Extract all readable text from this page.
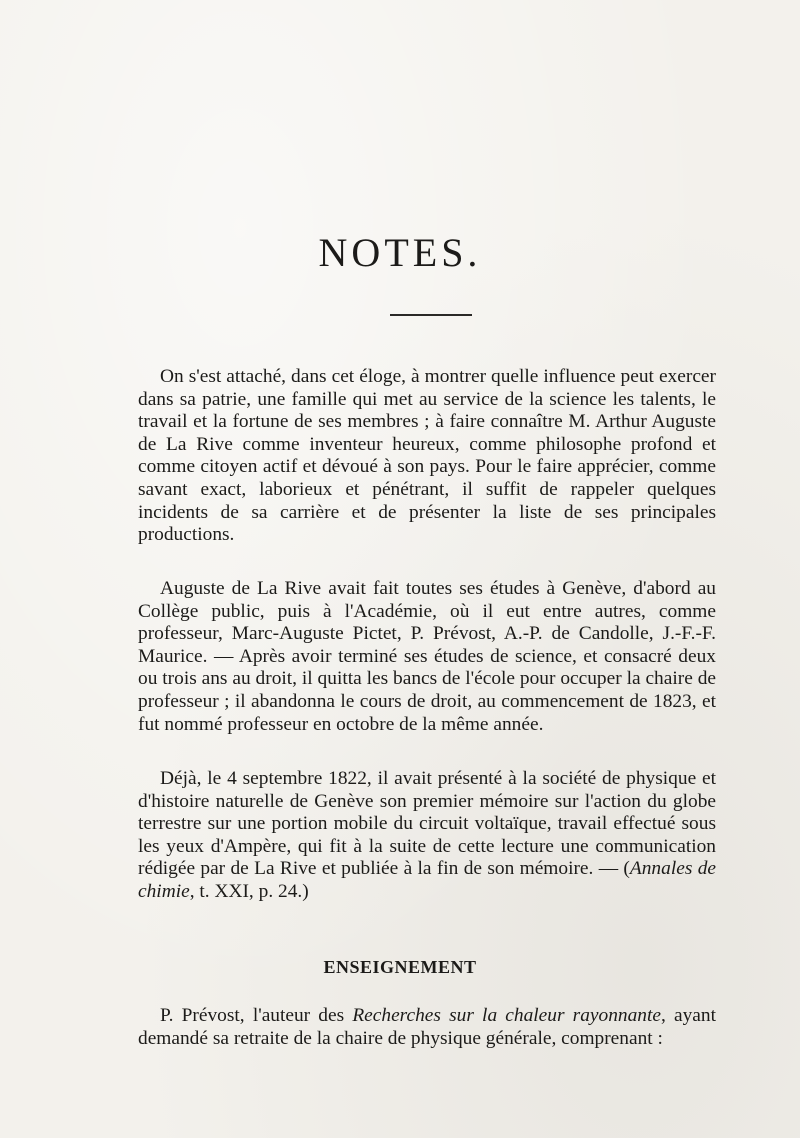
NOTES.

On s'est attaché, dans cet éloge, à montrer quelle influence peut exercer dans sa patrie, une famille qui met au service de la science les talents, le travail et la fortune de ses membres ; à faire connaître M. Arthur Auguste de La Rive comme inventeur heureux, comme philosophe profond et comme citoyen actif et dévoué à son pays. Pour le faire apprécier, comme savant exact, laborieux et pénétrant, il suffit de rappeler quelques incidents de sa carrière et de présenter la liste de ses principales productions.

Auguste de La Rive avait fait toutes ses études à Genève, d'abord au Collège public, puis à l'Académie, où il eut entre autres, comme professeur, Marc-Auguste Pictet, P. Prévost, A.-P. de Candolle, J.-F.-F. Maurice. — Après avoir terminé ses études de science, et consacré deux ou trois ans au droit, il quitta les bancs de l'école pour occuper la chaire de professeur ; il abandonna le cours de droit, au commencement de 1823, et fut nommé professeur en octobre de la même année.

Déjà, le 4 septembre 1822, il avait présenté à la société de physique et d'histoire naturelle de Genève son premier mémoire sur l'action du globe terrestre sur une portion mobile du circuit voltaïque, travail effectué sous les yeux d'Ampère, qui fit à la suite de cette lecture une communication rédigée par de La Rive et publiée à la fin de son mémoire. — (Annales de chimie, t. XXI, p. 24.)

ENSEIGNEMENT

P. Prévost, l'auteur des Recherches sur la chaleur rayonnante, ayant demandé sa retraite de la chaire de physique générale, comprenant :
